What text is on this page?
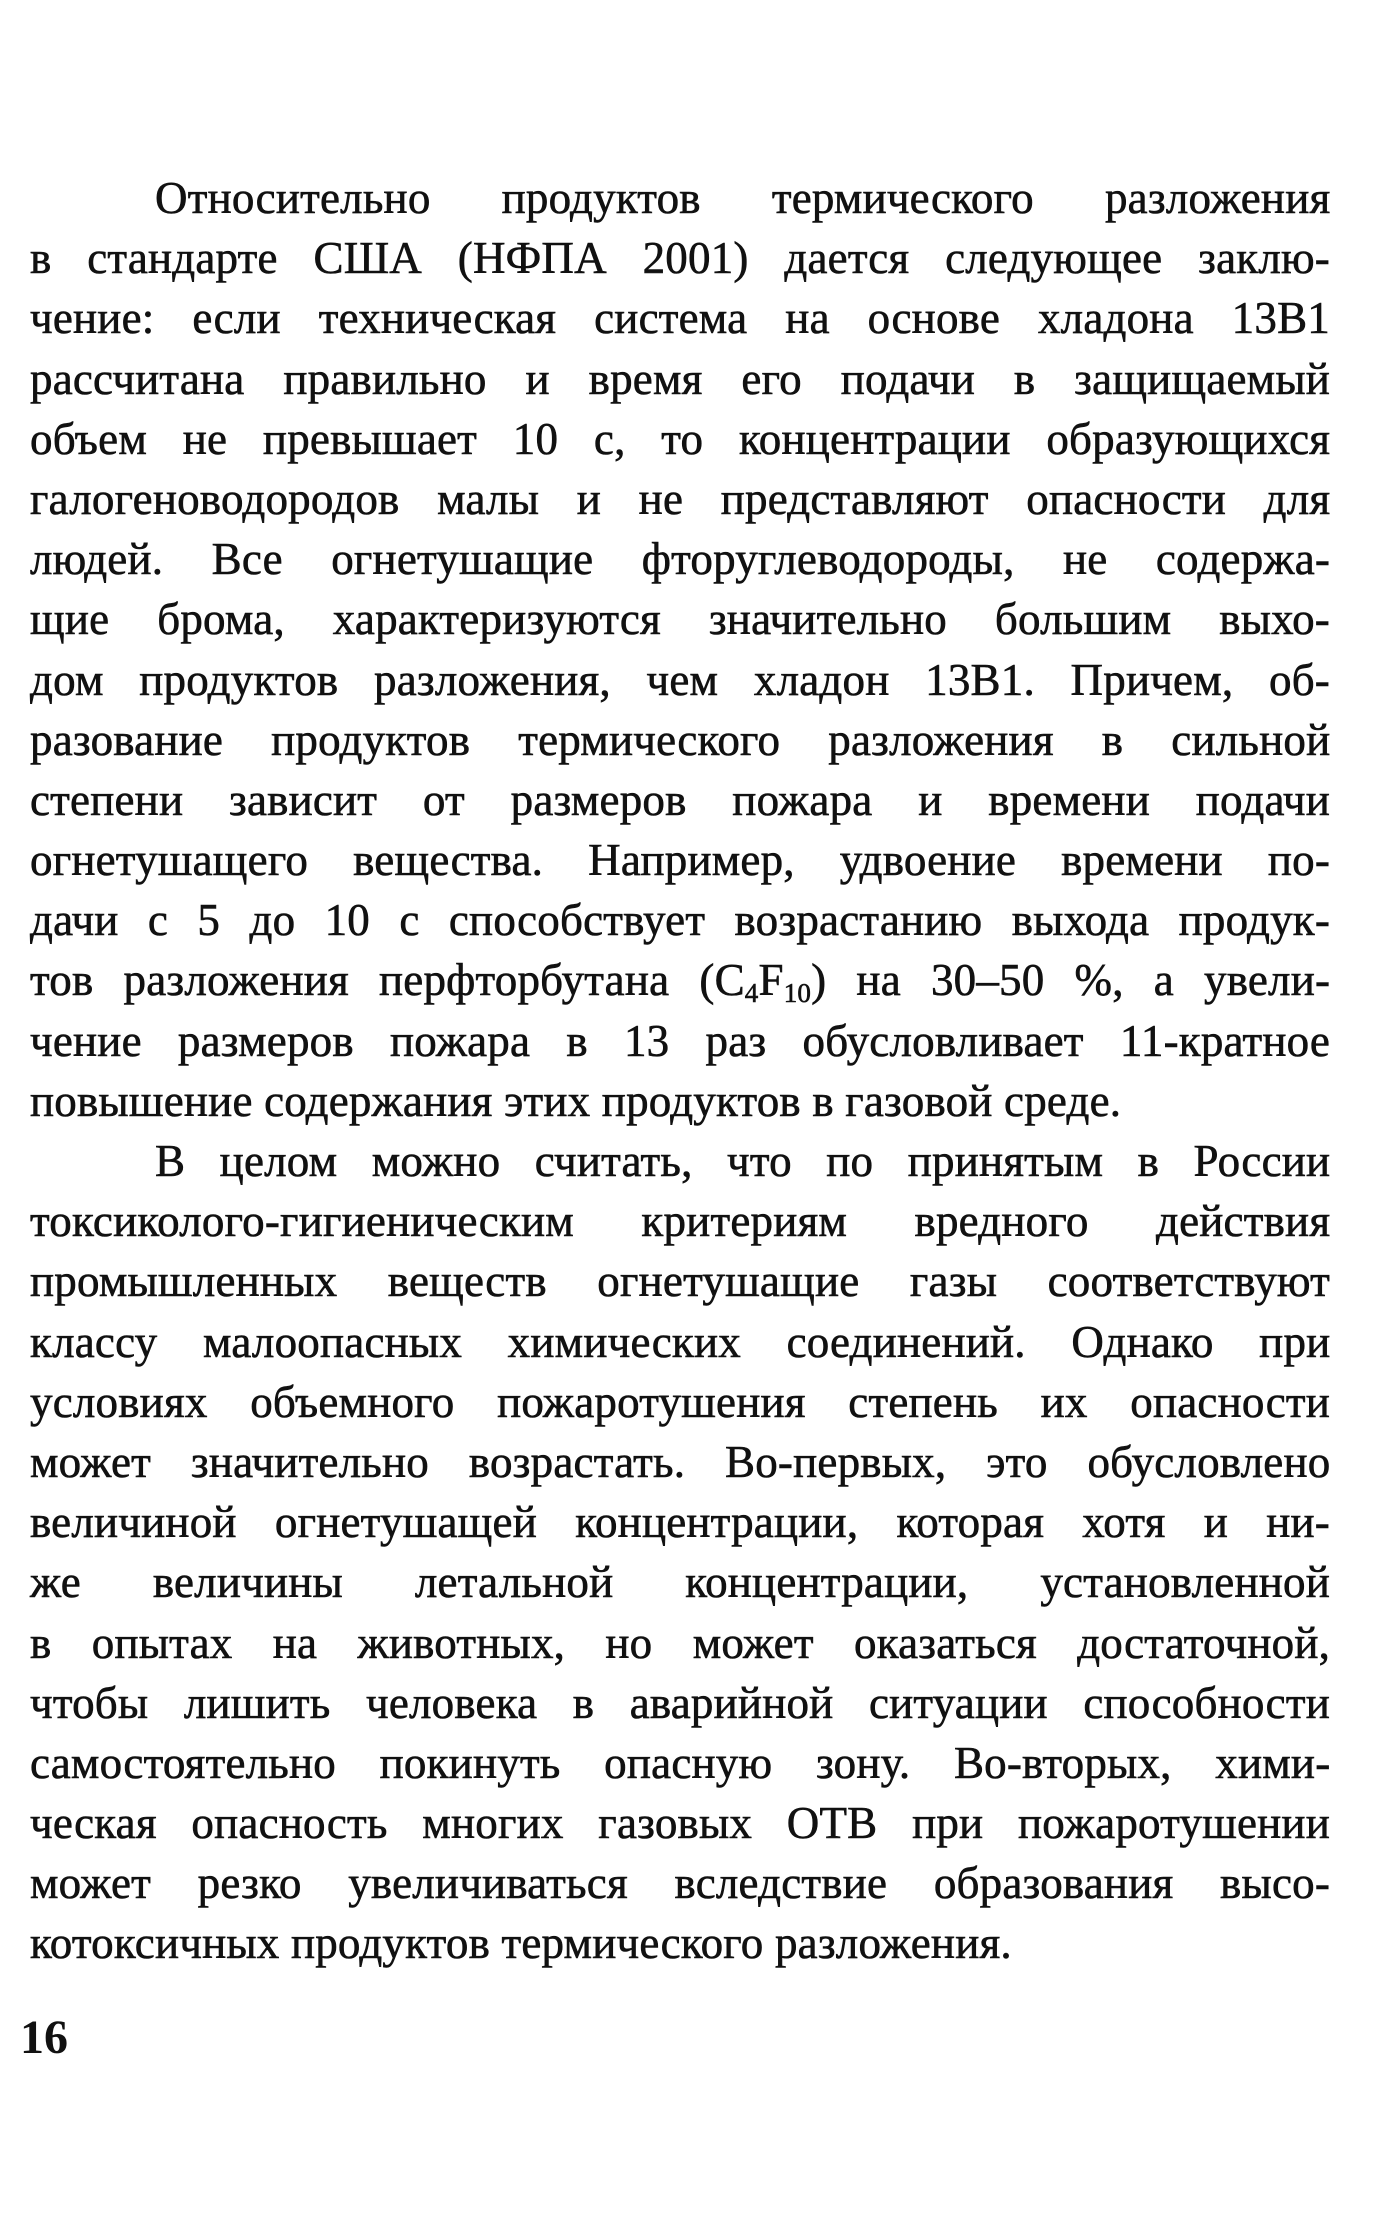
Относительно продуктов термического разложения
в стандарте США (НФПА 2001) дается следующее заклю-
чение: если техническая система на основе хладона 13В1
рассчитана правильно и время его подачи в защищаемый
объем не превышает 10 с, то концентрации образующихся
галогеноводородов малы и не представляют опасности для
людей. Все огнетушащие фторуглеводороды, не содержа-
щие брома, характеризуются значительно большим выхо-
дом продуктов разложения, чем хладон 13В1. Причем, об-
разование продуктов термического разложения в сильной
степени зависит от размеров пожара и времени подачи
огнетушащего вещества. Например, удвоение времени по-
дачи с 5 до 10 с способствует возрастанию выхода продук-
тов разложения перфторбутана $(C_4F_{10})$ на 30–50 %, а увели-
чение размеров пожара в 13 раз обусловливает 11-кратное
повышение содержания этих продуктов в газовой среде.
В целом можно считать, что по принятым в России
токсиколого-гигиеническим критериям вредного действия
промышленных веществ огнетушащие газы соответствуют
классу малоопасных химических соединений. Однако при
условиях объемного пожаротушения степень их опасности
может значительно возрастать. Во-первых, это обусловлено
величиной огнетушащей концентрации, которая хотя и ни-
же величины летальной концентрации, установленной
в опытах на животных, но может оказаться достаточной,
чтобы лишить человека в аварийной ситуации способности
самостоятельно покинуть опасную зону. Во-вторых, хими-
ческая опасность многих газовых ОТВ при пожаротушении
может резко увеличиваться вследствие образования высо-
котоксичных продуктов термического разложения.
16
